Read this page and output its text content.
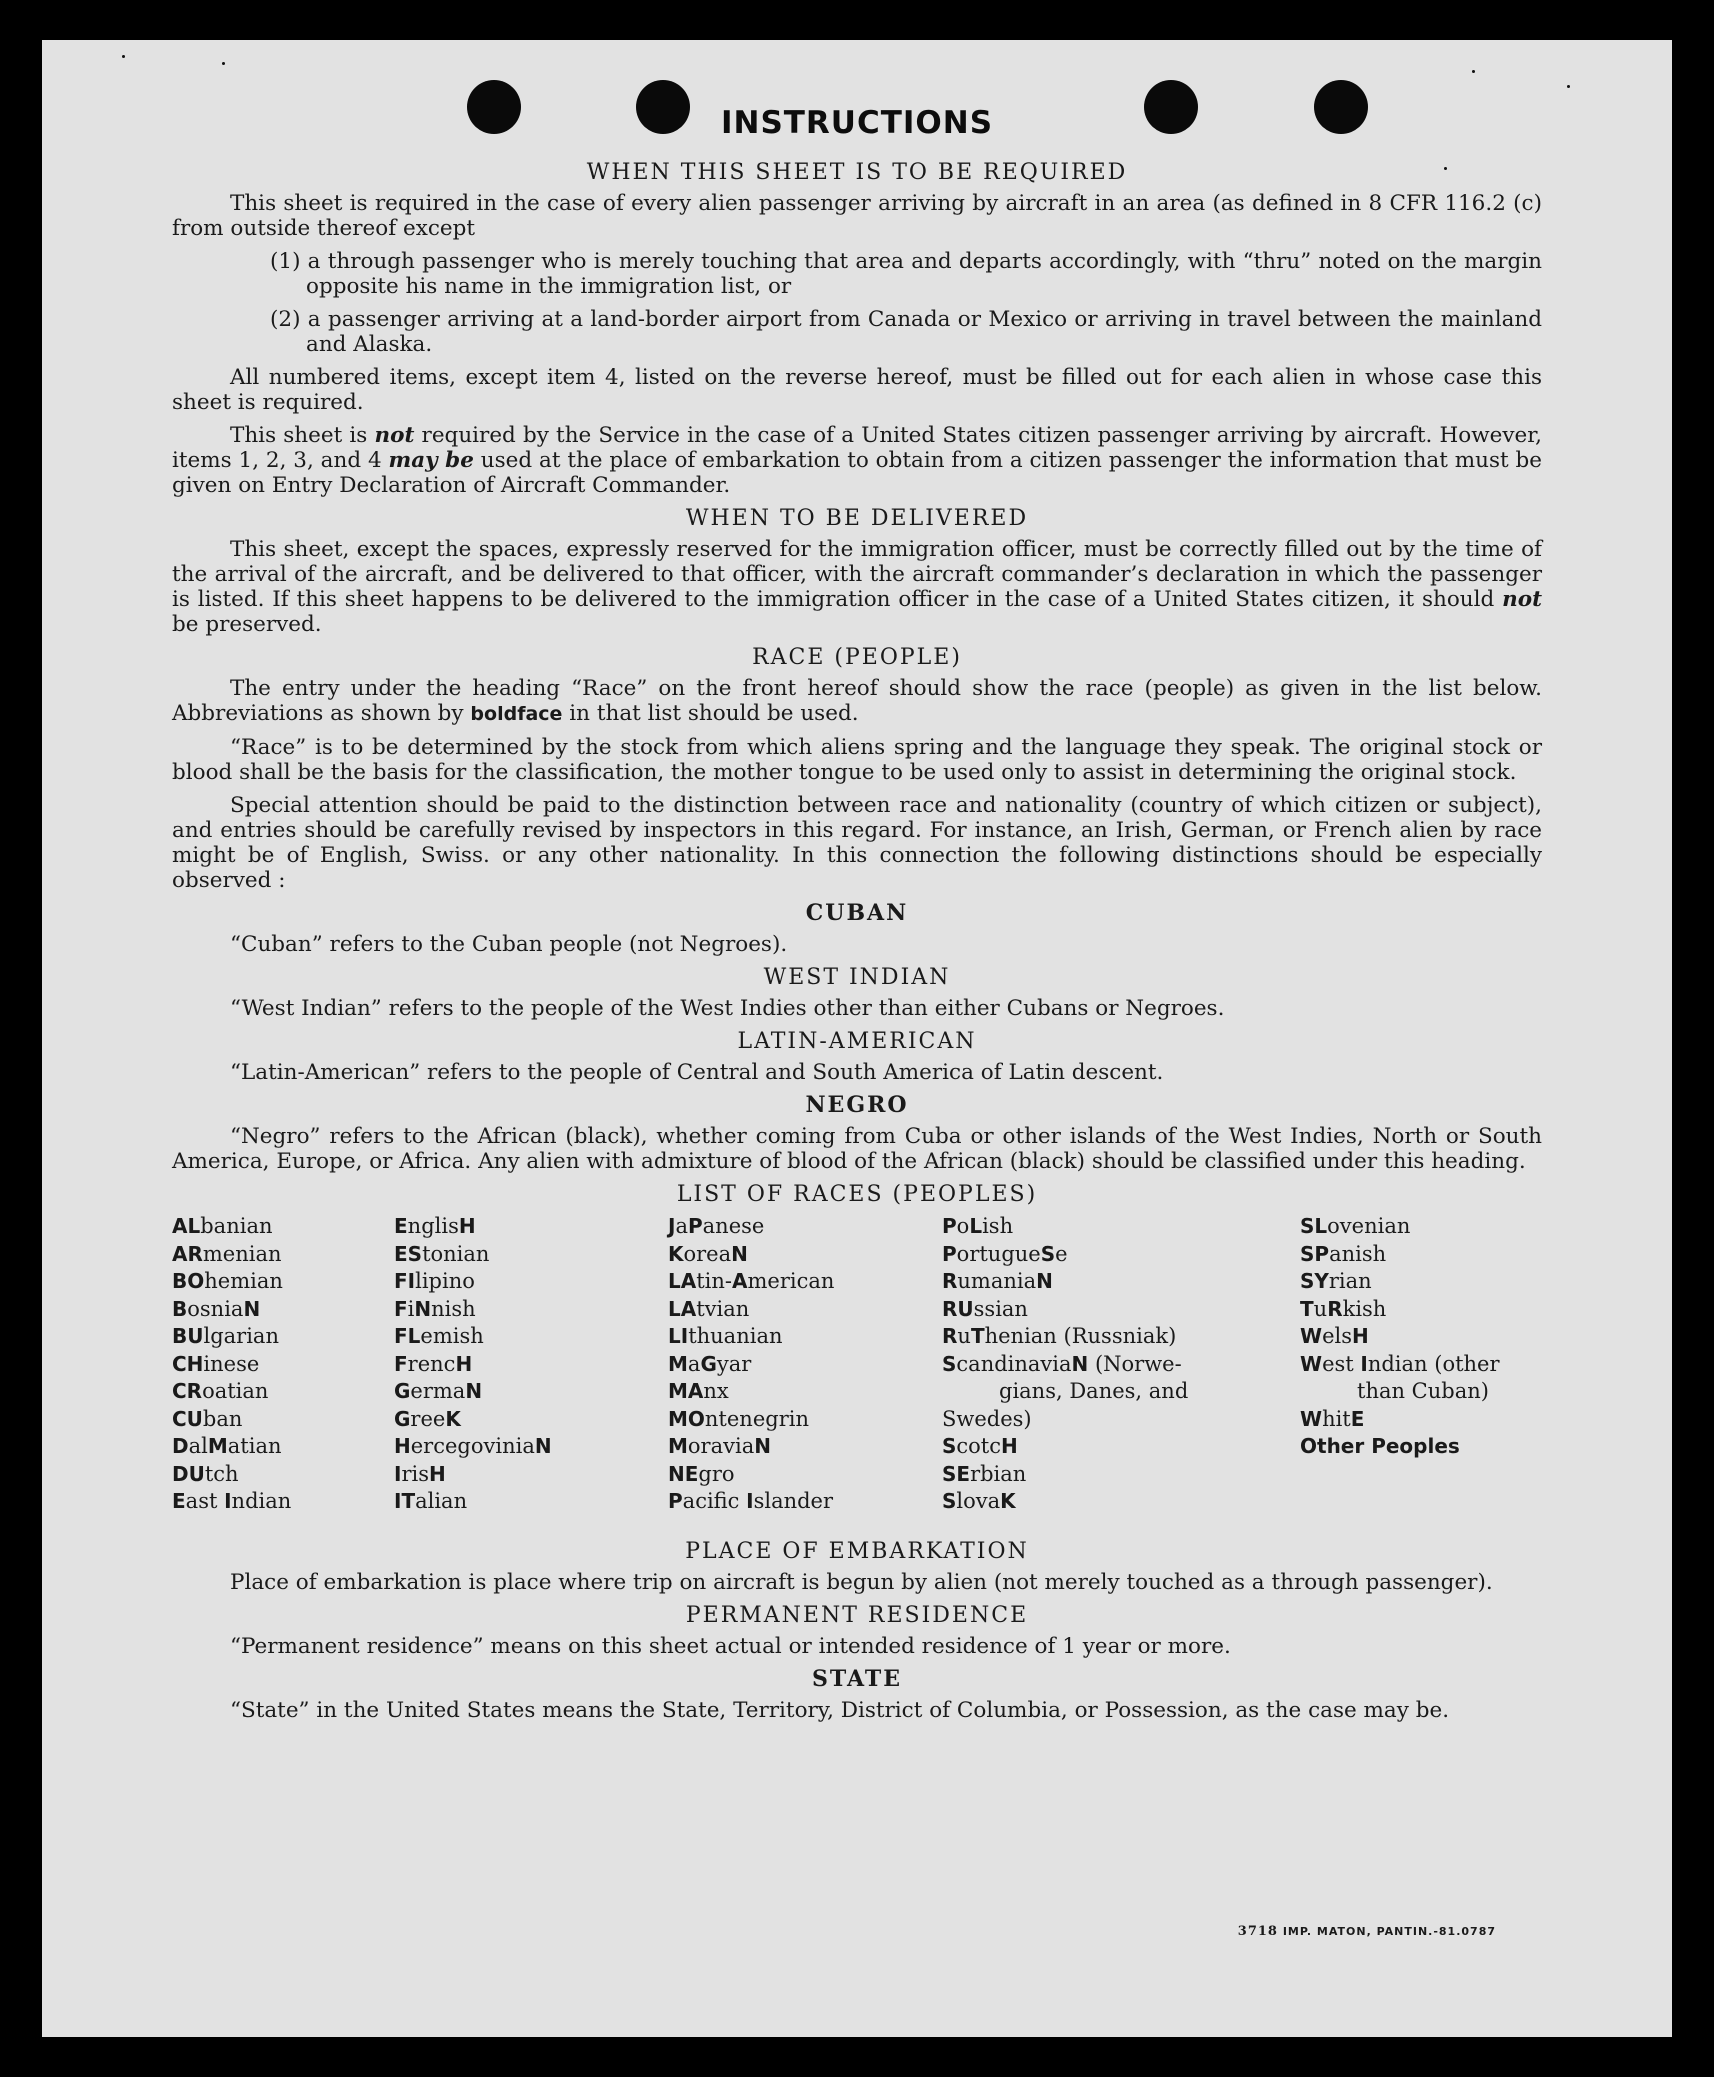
INSTRUCTIONS
WHEN THIS SHEET IS TO BE REQUIRED

This sheet is required in the case of every alien passenger arriving by aircraft in an area (as defined in 8 CFR 116.2 (c) from outside thereof except

(1) a through passenger who is merely touching that area and departs accordingly, with “thru” noted on the margin opposite his name in the immigration list, or

(2) a passenger arriving at a land-border airport from Canada or Mexico or arriving in travel between the mainland and Alaska.

All numbered items, except item 4, listed on the reverse hereof, must be filled out for each alien in whose case this sheet is required.

This sheet is not required by the Service in the case of a United States citizen passenger arriving by aircraft. However, items 1, 2, 3, and 4 may be used at the place of embarkation to obtain from a citizen passenger the information that must be given on Entry Declaration of Aircraft Commander.

WHEN TO BE DELIVERED

This sheet, except the spaces, expressly reserved for the immigration officer, must be correctly filled out by the time of the arrival of the aircraft, and be delivered to that officer, with the aircraft commander’s declaration in which the passenger is listed. If this sheet happens to be delivered to the immigration officer in the case of a United States citizen, it should not be preserved.

RACE (PEOPLE)

The entry under the heading “Race” on the front hereof should show the race (people) as given in the list below. Abbreviations as shown by boldface in that list should be used.

“Race” is to be determined by the stock from which aliens spring and the language they speak. The original stock or blood shall be the basis for the classification, the mother tongue to be used only to assist in determining the original stock.

Special attention should be paid to the distinction between race and nationality (country of which citizen or subject), and entries should be carefully revised by inspectors in this regard. For instance, an Irish, German, or French alien by race might be of English, Swiss. or any other nationality. In this connection the following distinctions should be especially observed :

CUBAN

“Cuban” refers to the Cuban people (not Negroes).

WEST INDIAN

“West Indian” refers to the people of the West Indies other than either Cubans or Negroes.

LATIN-AMERICAN

“Latin-American” refers to the people of Central and South America of Latin descent.

NEGRO

“Negro” refers to the African (black), whether coming from Cuba or other islands of the West Indies, North or South America, Europe, or Africa. Any alien with admixture of blood of the African (black) should be classified under this heading.

LIST OF RACES (PEOPLES)
ALbanian
ARmenian
BOhemian
BosniaN
BUlgarian
CHinese
CRoatian
CUban
DalMatian
DUtch
East Indian
EnglisH
EStonian
FIlipino
FiNnish
FLemish
FrencH
GermaN
GreeK
HercegoviniaN
IrisH
ITalian
JaPanese
KoreaN
LAtin-American
LAtvian
LIthuanian
MaGyar
MAnx
MOntenegrin
MoraviaN
NEgro
Pacific Islander
PoLish
PortugueSe
RumaniaN
RUssian
RuThenian (Russniak)
ScandinaviaN (Norwe-
gians, Danes, and
Swedes)
ScotcH
SErbian
SlovaK
SLovenian
SPanish
SYrian
TuRkish
WelsH
West Indian (other
than Cuban)
WhitE
Other Peoples
PLACE OF EMBARKATION

Place of embarkation is place where trip on aircraft is begun by alien (not merely touched as a through passenger).

PERMANENT RESIDENCE

“Permanent residence” means on this sheet actual or intended residence of 1 year or more.

STATE

“State” in the United States means the State, Territory, District of Columbia, or Possession, as the case may be.

3718 IMP. MATON, PANTIN.-81.0787
